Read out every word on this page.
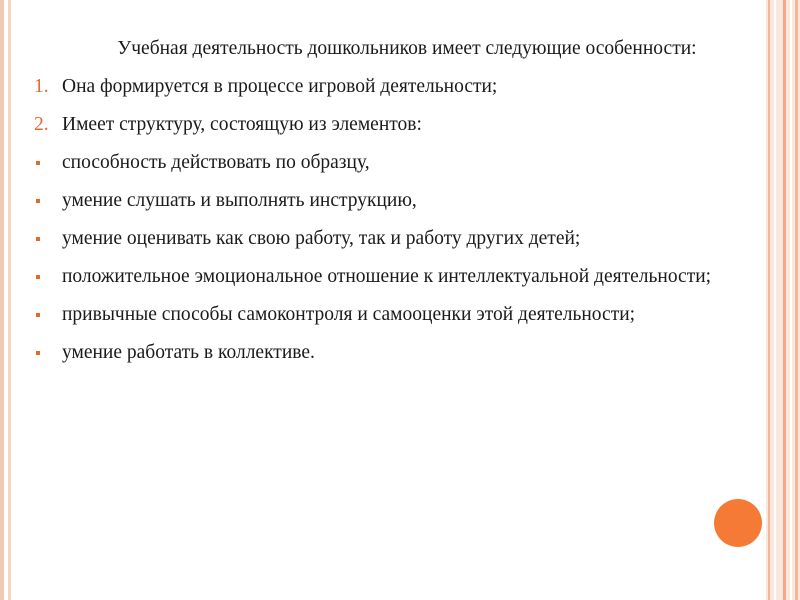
Учебная деятельность дошкольников имеет следующие особенности:
1. Она формируется в процессе игровой деятельности;
2. Имеет структуру, состоящую из элементов:
способность действовать по образцу,
умение слушать и выполнять инструкцию,
умение оценивать как свою работу, так и работу других детей;
положительное эмоциональное отношение к интеллектуальной деятельности;
привычные способы самоконтроля и самооценки этой деятельности;
умение работать в коллективе.
